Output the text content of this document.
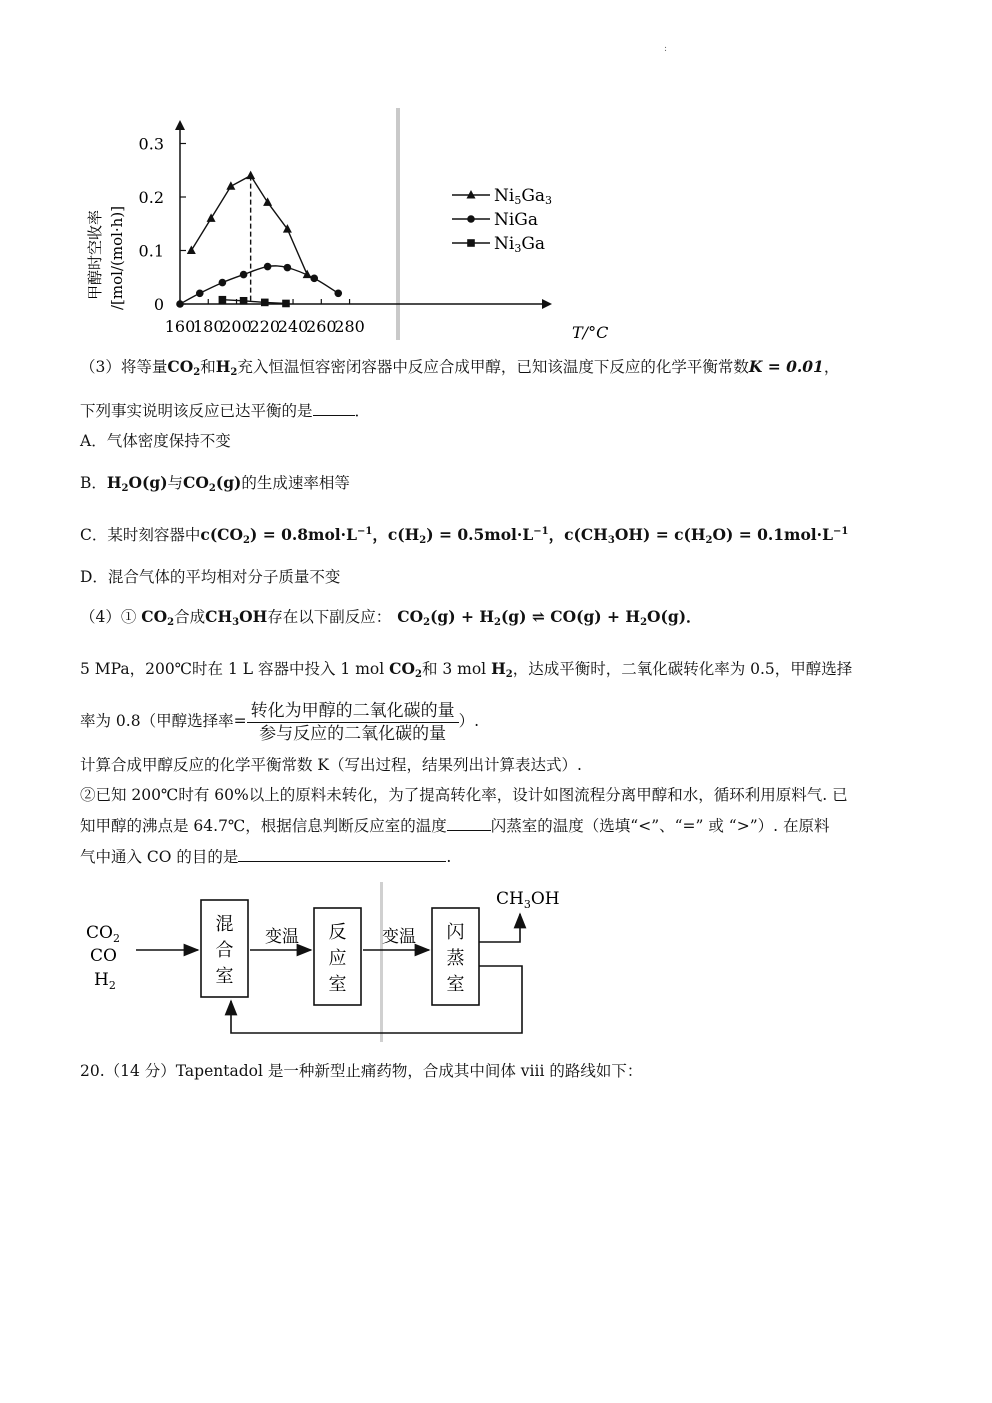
:
160
180
200
220
240
260
280
0
0.1
0.2
0.3
Ni5Ga3
NiGa
Ni3Ga
甲醇时空收率 /[mol/(mol·h)]
T/°C
（3）将等量$CO_2$和$H_2$充入恒温恒容密闭容器中反应合成甲醇，已知该温度下反应的化学平衡常数K = 0.01，
下列事实说明该反应已达平衡的是	．
A．气体密度保持不变
B．$H_2O(g)$与$CO_2(g)$的生成速率相等
C．某时刻容器中$c(CO_2) = 0.8mol\cdot L^{-1}$，$c(H_2) = 0.5mol\cdot L^{-1}$，$c(CH_3OH) = c(H_2O) = 0.1mol\cdot L^{-1}$
D．混合气体的平均相对分子质量不变
（4）① $CO_2$合成$CH_3OH$存在以下副反应： $CO_2(g) + H_2(g)$ ⇌ $CO(g) + H_2O(g)$．
5 MPa，200℃时在 1 L 容器中投入 1 mol $CO_2$和 3 mol $H_2$，达成平衡时，二氧化碳转化率为 0.5，甲醇选择
率为 0.8（甲醇选择率= $\frac{\text{转化为甲醇的二氧化碳的量}}{\text{参与反应的二氧化碳的量}}$ ）.
计算合成甲醇反应的化学平衡常数 K（写出过程，结果列出计算表达式）.
②已知 200℃时有 60%以上的原料未转化，为了提高转化率，设计如图流程分离甲醇和水，循环利用原料气. 已
知甲醇的沸点是 64.7℃，根据信息判断反应室的温度	闪蒸室的温度（选填“<”、“=” 或 “>”）. 在原料
气中通入 CO 的目的是	.
$CO_2$
CO
$H_2$
混
合
室
变温 反
应
室
变温 闪
蒸
室
$CH_3OH$
20.（14 分）Tapentadol 是一种新型止痛药物，合成其中间体 viii 的路线如下：
